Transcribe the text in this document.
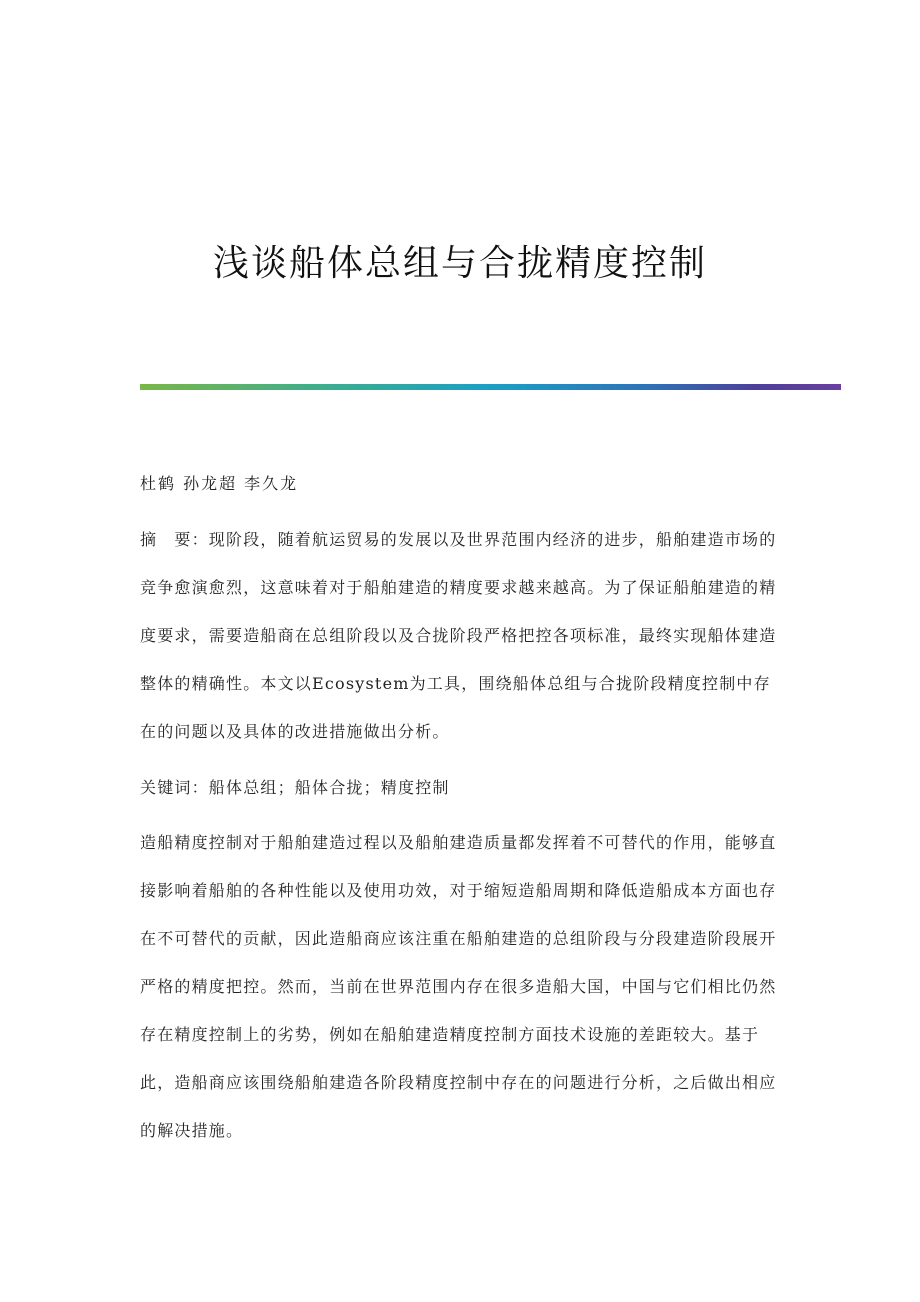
浅谈船体总组与合拢精度控制

杜鹤 孙龙超 李久龙

摘　要：现阶段，随着航运贸易的发展以及世界范围内经济的进步，船舶建造市场的竞争愈演愈烈，这意味着对于船舶建造的精度要求越来越高。为了保证船舶建造的精度要求，需要造船商在总组阶段以及合拢阶段严格把控各项标准，最终实现船体建造整体的精确性。本文以Ecosystem为工具，围绕船体总组与合拢阶段精度控制中存在的问题以及具体的改进措施做出分析。

关键词：船体总组；船体合拢；精度控制

造船精度控制对于船舶建造过程以及船舶建造质量都发挥着不可替代的作用，能够直接影响着船舶的各种性能以及使用功效，对于缩短造船周期和降低造船成本方面也存在不可替代的贡献，因此造船商应该注重在船舶建造的总组阶段与分段建造阶段展开严格的精度把控。然而，当前在世界范围内存在很多造船大国，中国与它们相比仍然存在精度控制上的劣势，例如在船舶建造精度控制方面技术设施的差距较大。基于此，造船商应该围绕船舶建造各阶段精度控制中存在的问题进行分析，之后做出相应的解决措施。
